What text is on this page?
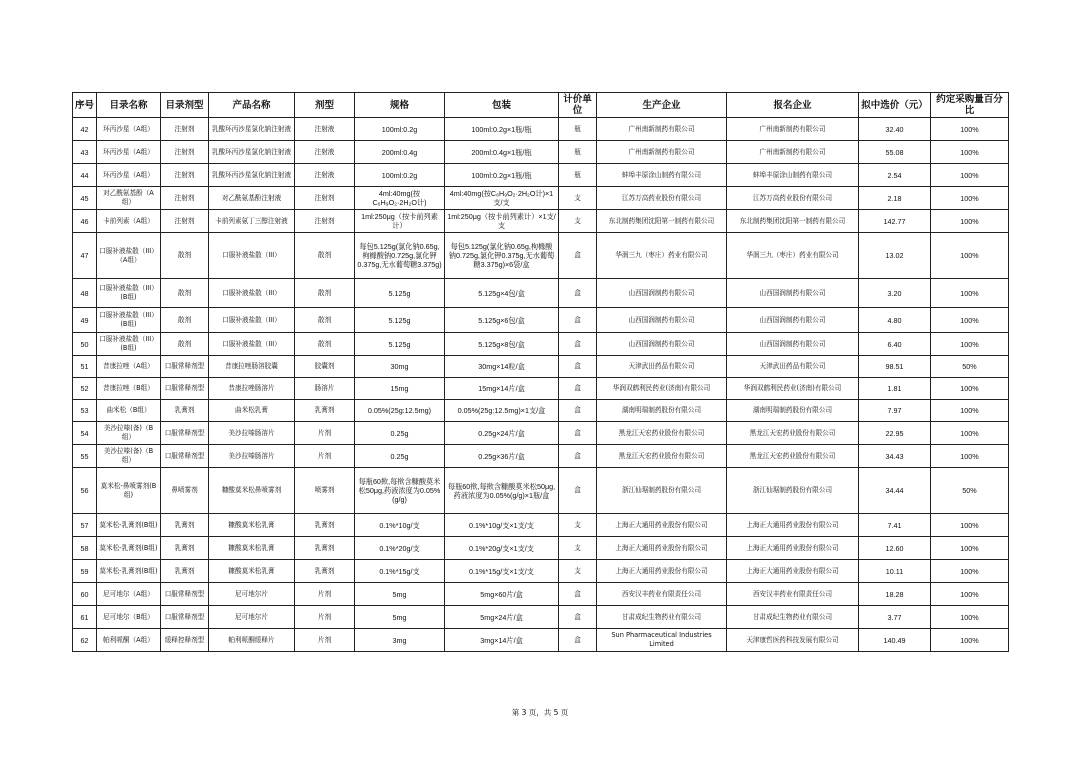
序号	目录名称	目录剂型	产品名称	剂型	规格	包装	计价单位	生产企业	报名企业	拟中选价（元）	约定采购量百分比
42	环丙沙星（A组）	注射剂	乳酸环丙沙星氯化钠注射液	注射液	100ml:0.2g	100ml:0.2g×1瓶/瓶	瓶	广州南新制药有限公司	广州南新制药有限公司	32.40	100%
43	环丙沙星（A组）	注射剂	乳酸环丙沙星氯化钠注射液	注射液	200ml:0.4g	200ml:0.4g×1瓶/瓶	瓶	广州南新制药有限公司	广州南新制药有限公司	55.08	100%
44	环丙沙星（A组）	注射剂	乳酸环丙沙星氯化钠注射液	注射液	100ml:0.2g	100ml:0.2g×1瓶/瓶	瓶	蚌埠丰原涂山制药有限公司	蚌埠丰原涂山制药有限公司	2.54	100%
45	对乙酰氨基酚（A组）	注射剂	对乙酰氨基酚注射液	注射剂	4ml:40mg(按C₆H₉O₂·2H₂O计)	4ml:40mg(按C₆H₉O₂·2H₂O计)×1支/支	支	江苏万高药业股份有限公司	江苏万高药业股份有限公司	2.18	100%
46	卡前列素（A组）	注射剂	卡前列素氨丁三醇注射液	注射剂	1ml:250μg（按卡前列素计）	1ml:250μg（按卡前列素计）×1支/支	支	东北制药集团沈阳第一制药有限公司	东北制药集团沈阳第一制药有限公司	142.77	100%
47	口服补液盐散（III）（A组）	散剂	口服补液盐散（III）	散剂	每包5.125g(氯化钠0.65g,枸橼酸钠0.725g,氯化钾0.375g,无水葡萄糖3.375g)	每包5.125g(氯化钠0.65g,枸橼酸钠0.725g,氯化钾0.375g,无水葡萄糖3.375g)×6袋/盒	盒	华润三九（枣庄）药业有限公司	华润三九（枣庄）药业有限公司	13.02	100%
48	口服补液盐散（III）(B组)	散剂	口服补液盐散（III）	散剂	5.125g	5.125g×4包/盒	盒	山西国润制药有限公司	山西国润制药有限公司	3.20	100%
49	口服补液盐散（III）(B组)	散剂	口服补液盐散（III）	散剂	5.125g	5.125g×6包/盒	盒	山西国润制药有限公司	山西国润制药有限公司	4.80	100%
50	口服补液盐散（III）(B组)	散剂	口服补液盐散（III）	散剂	5.125g	5.125g×8包/盒	盒	山西国润制药有限公司	山西国润制药有限公司	6.40	100%
51	昔康拉唑（A组）	口服常释剂型	昔康拉唑肠溶胶囊	胶囊剂	30mg	30mg×14粒/盒	盒	天津武田药品有限公司	天津武田药品有限公司	98.51	50%
52	昔康拉唑（B组）	口服常释剂型	昔康拉唑肠溶片	肠溶片	15mg	15mg×14片/盒	盒	华润双鹤利民药业(济南)有限公司	华润双鹤利民药业(济南)有限公司	1.81	100%
53	曲米松（B组）	乳膏剂	曲米松乳膏	乳膏剂	0.05%(25g:12.5mg)	0.05%(25g:12.5mg)×1支/盒	盒	湖南明瑞制药股份有限公司	湖南明瑞制药股份有限公司	7.97	100%
54	美沙拉嗪(备)（B组）	口服常释剂型	美沙拉嗪肠溶片	片剂	0.25g	0.25g×24片/盒	盒	黑龙江天宏药业股份有限公司	黑龙江天宏药业股份有限公司	22.95	100%
55	美沙拉嗪(备)（B组）	口服常释剂型	美沙拉嗪肠溶片	片剂	0.25g	0.25g×36片/盒	盒	黑龙江天宏药业股份有限公司	黑龙江天宏药业股份有限公司	34.43	100%
56	莫米松-鼻喷雾剂(B组)	鼻喷雾剂	糠酸莫米松鼻喷雾剂	喷雾剂	每瓶60揿,每揿含糠酸莫米松50μg,药液浓度为0.05%(g/g)	每瓶60揿,每揿含糠酸莫米松50μg,药液浓度为0.05%(g/g)×1瓶/盒	盒	浙江仙琚制药股份有限公司	浙江仙琚制药股份有限公司	34.44	50%
57	莫米松-乳膏剂(B组)	乳膏剂	糠酸莫米松乳膏	乳膏剂	0.1%*10g/支	0.1%*10g/支×1支/支	支	上海正大通用药业股份有限公司	上海正大通用药业股份有限公司	7.41	100%
58	莫米松-乳膏剂(B组)	乳膏剂	糠酸莫米松乳膏	乳膏剂	0.1%*20g/支	0.1%*20g/支×1支/支	支	上海正大通用药业股份有限公司	上海正大通用药业股份有限公司	12.60	100%
59	莫米松-乳膏剂(B组)	乳膏剂	糠酸莫米松乳膏	乳膏剂	0.1%*15g/支	0.1%*15g/支×1支/支	支	上海正大通用药业股份有限公司	上海正大通用药业股份有限公司	10.11	100%
60	尼可地尔（A组）	口服常释剂型	尼可地尔片	片剂	5mg	5mg×60片/盒	盒	西安汉丰药业有限责任公司	西安汉丰药业有限责任公司	18.28	100%
61	尼可地尔（B组）	口服常释剂型	尼可地尔片	片剂	5mg	5mg×24片/盒	盒	甘肃成纪生物药业有限公司	甘肃成纪生物药业有限公司	3.77	100%
62	帕利哌酮（A组）	缓释控释剂型	帕利哌酮缓释片	片剂	3mg	3mg×14片/盒	盒	Sun Pharmaceutical Industries Limited	天津康哲医药科技发展有限公司	140.49	100%
第 3 页，共 5 页
